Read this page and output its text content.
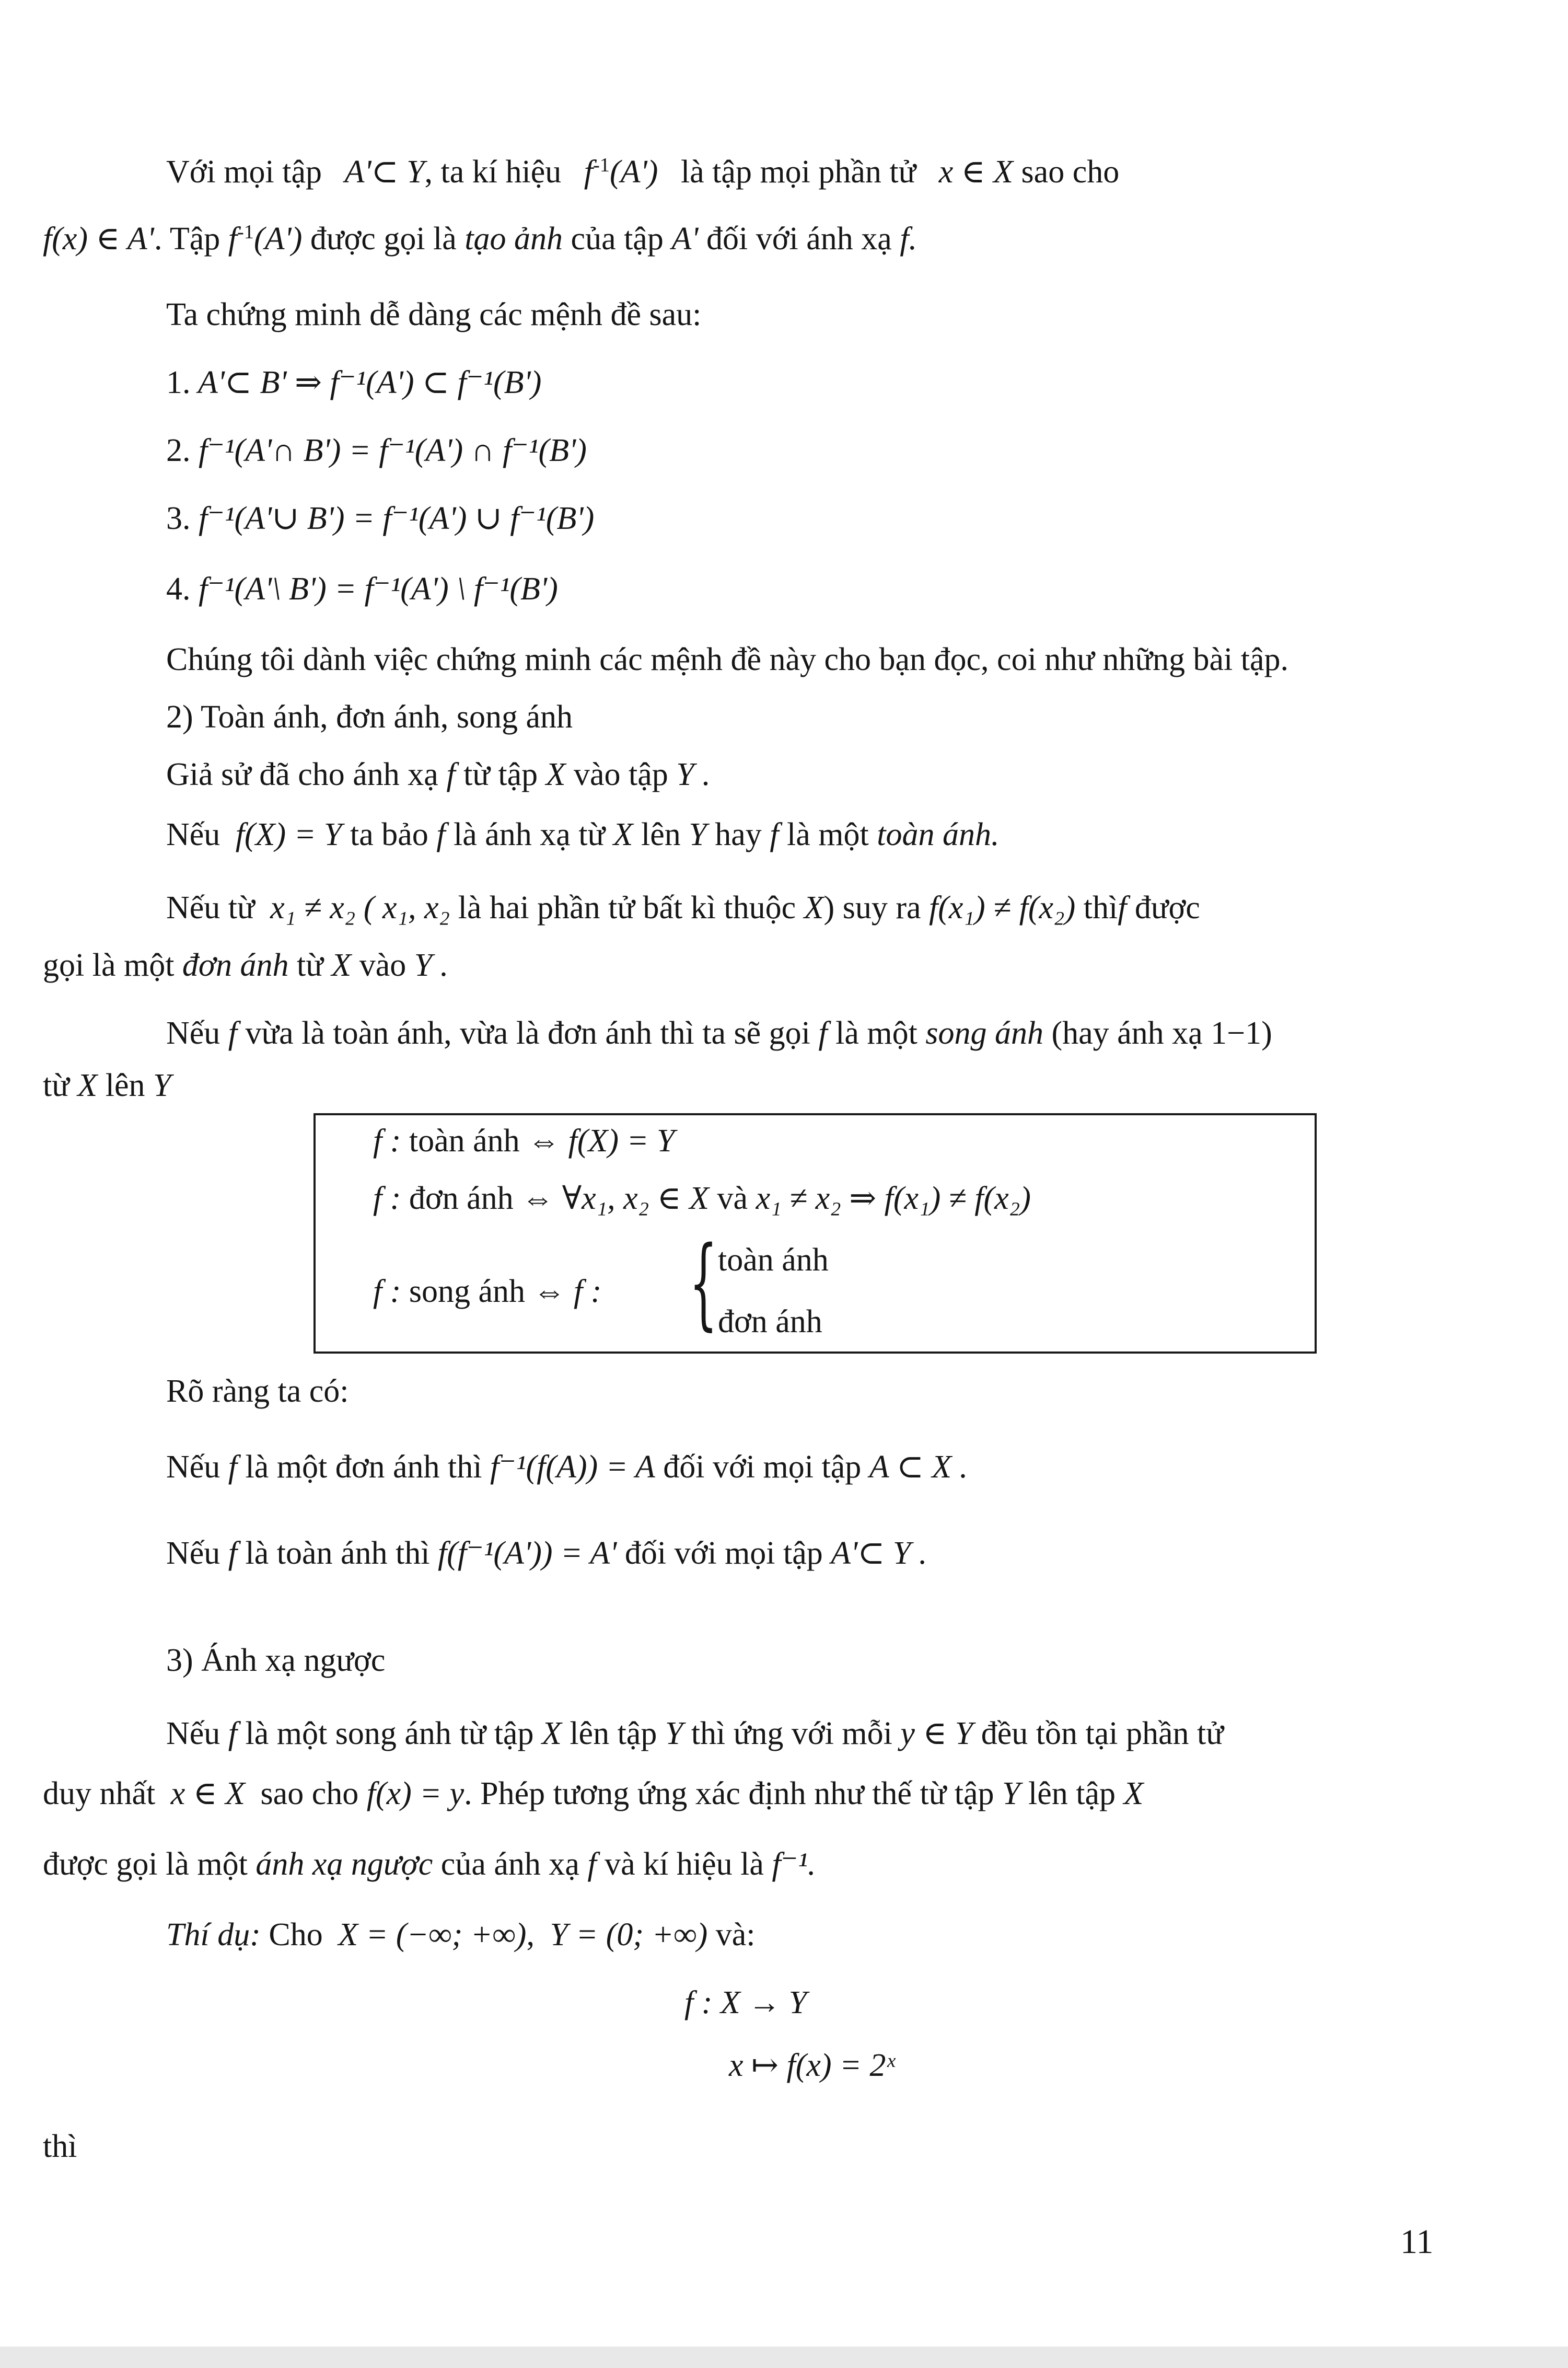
Với mọi tập A'⊂ Y, ta kí hiệu $f^{-1}(A')$ là tập mọi phần tử x ∈ X sao cho
f(x) ∈ A'. Tập $f^{-1}(A')$ được gọi là tạo ảnh của tập A' đối với ánh xạ f.
Ta chứng minh dễ dàng các mệnh đề sau:
1. A'⊂ B' ⇒ f⁻¹(A') ⊂ f⁻¹(B')
2. f⁻¹(A'∩ B') = f⁻¹(A') ∩ f⁻¹(B')
3. f⁻¹(A'∪ B') = f⁻¹(A') ∪ f⁻¹(B')
4. f⁻¹(A'\ B') = f⁻¹(A') \ f⁻¹(B')
Chúng tôi dành việc chứng minh các mệnh đề này cho bạn đọc, coi như những bài tập.
2) Toàn ánh, đơn ánh, song ánh
Giả sử đã cho ánh xạ f từ tập X vào tập Y .
Nếu f(X) = Y ta bảo f là ánh xạ từ X lên Y hay f là một toàn ánh.
Nếu từ x₁ ≠ x₂ ( x₁, x₂ là hai phần tử bất kì thuộc X) suy ra f(x₁) ≠ f(x₂) thìf được
gọi là một đơn ánh từ X vào Y .
Nếu f vừa là toàn ánh, vừa là đơn ánh thì ta sẽ gọi f là một song ánh (hay ánh xạ 1−1)
từ X lên Y
f : toàn ánh ⇔ f(X) = Y
f : đơn ánh ⇔ ∀x₁, x₂ ∈ X và x₁ ≠ x₂ ⇒ f(x₁) ≠ f(x₂)
f : song ánh ⇔ f : { toàn ánh
đơn ánh
Rõ ràng ta có:
Nếu f là một đơn ánh thì f⁻¹(f(A)) = A đối với mọi tập A ⊂ X .
Nếu f là toàn ánh thì f(f⁻¹(A')) = A' đối với mọi tập A'⊂ Y .
3) Ánh xạ ngược
Nếu f là một song ánh từ tập X lên tập Y thì ứng với mỗi y ∈ Y đều tồn tại phần tử
duy nhất x ∈ X sao cho f(x) = y. Phép tương ứng xác định như thế từ tập Y lên tập X
được gọi là một ánh xạ ngược của ánh xạ f và kí hiệu là f⁻¹.
Thí dụ: Cho X = (−∞; +∞), Y = (0; +∞) và:
f : X → Y
x ↦ f(x) = 2ˣ
thì
11
